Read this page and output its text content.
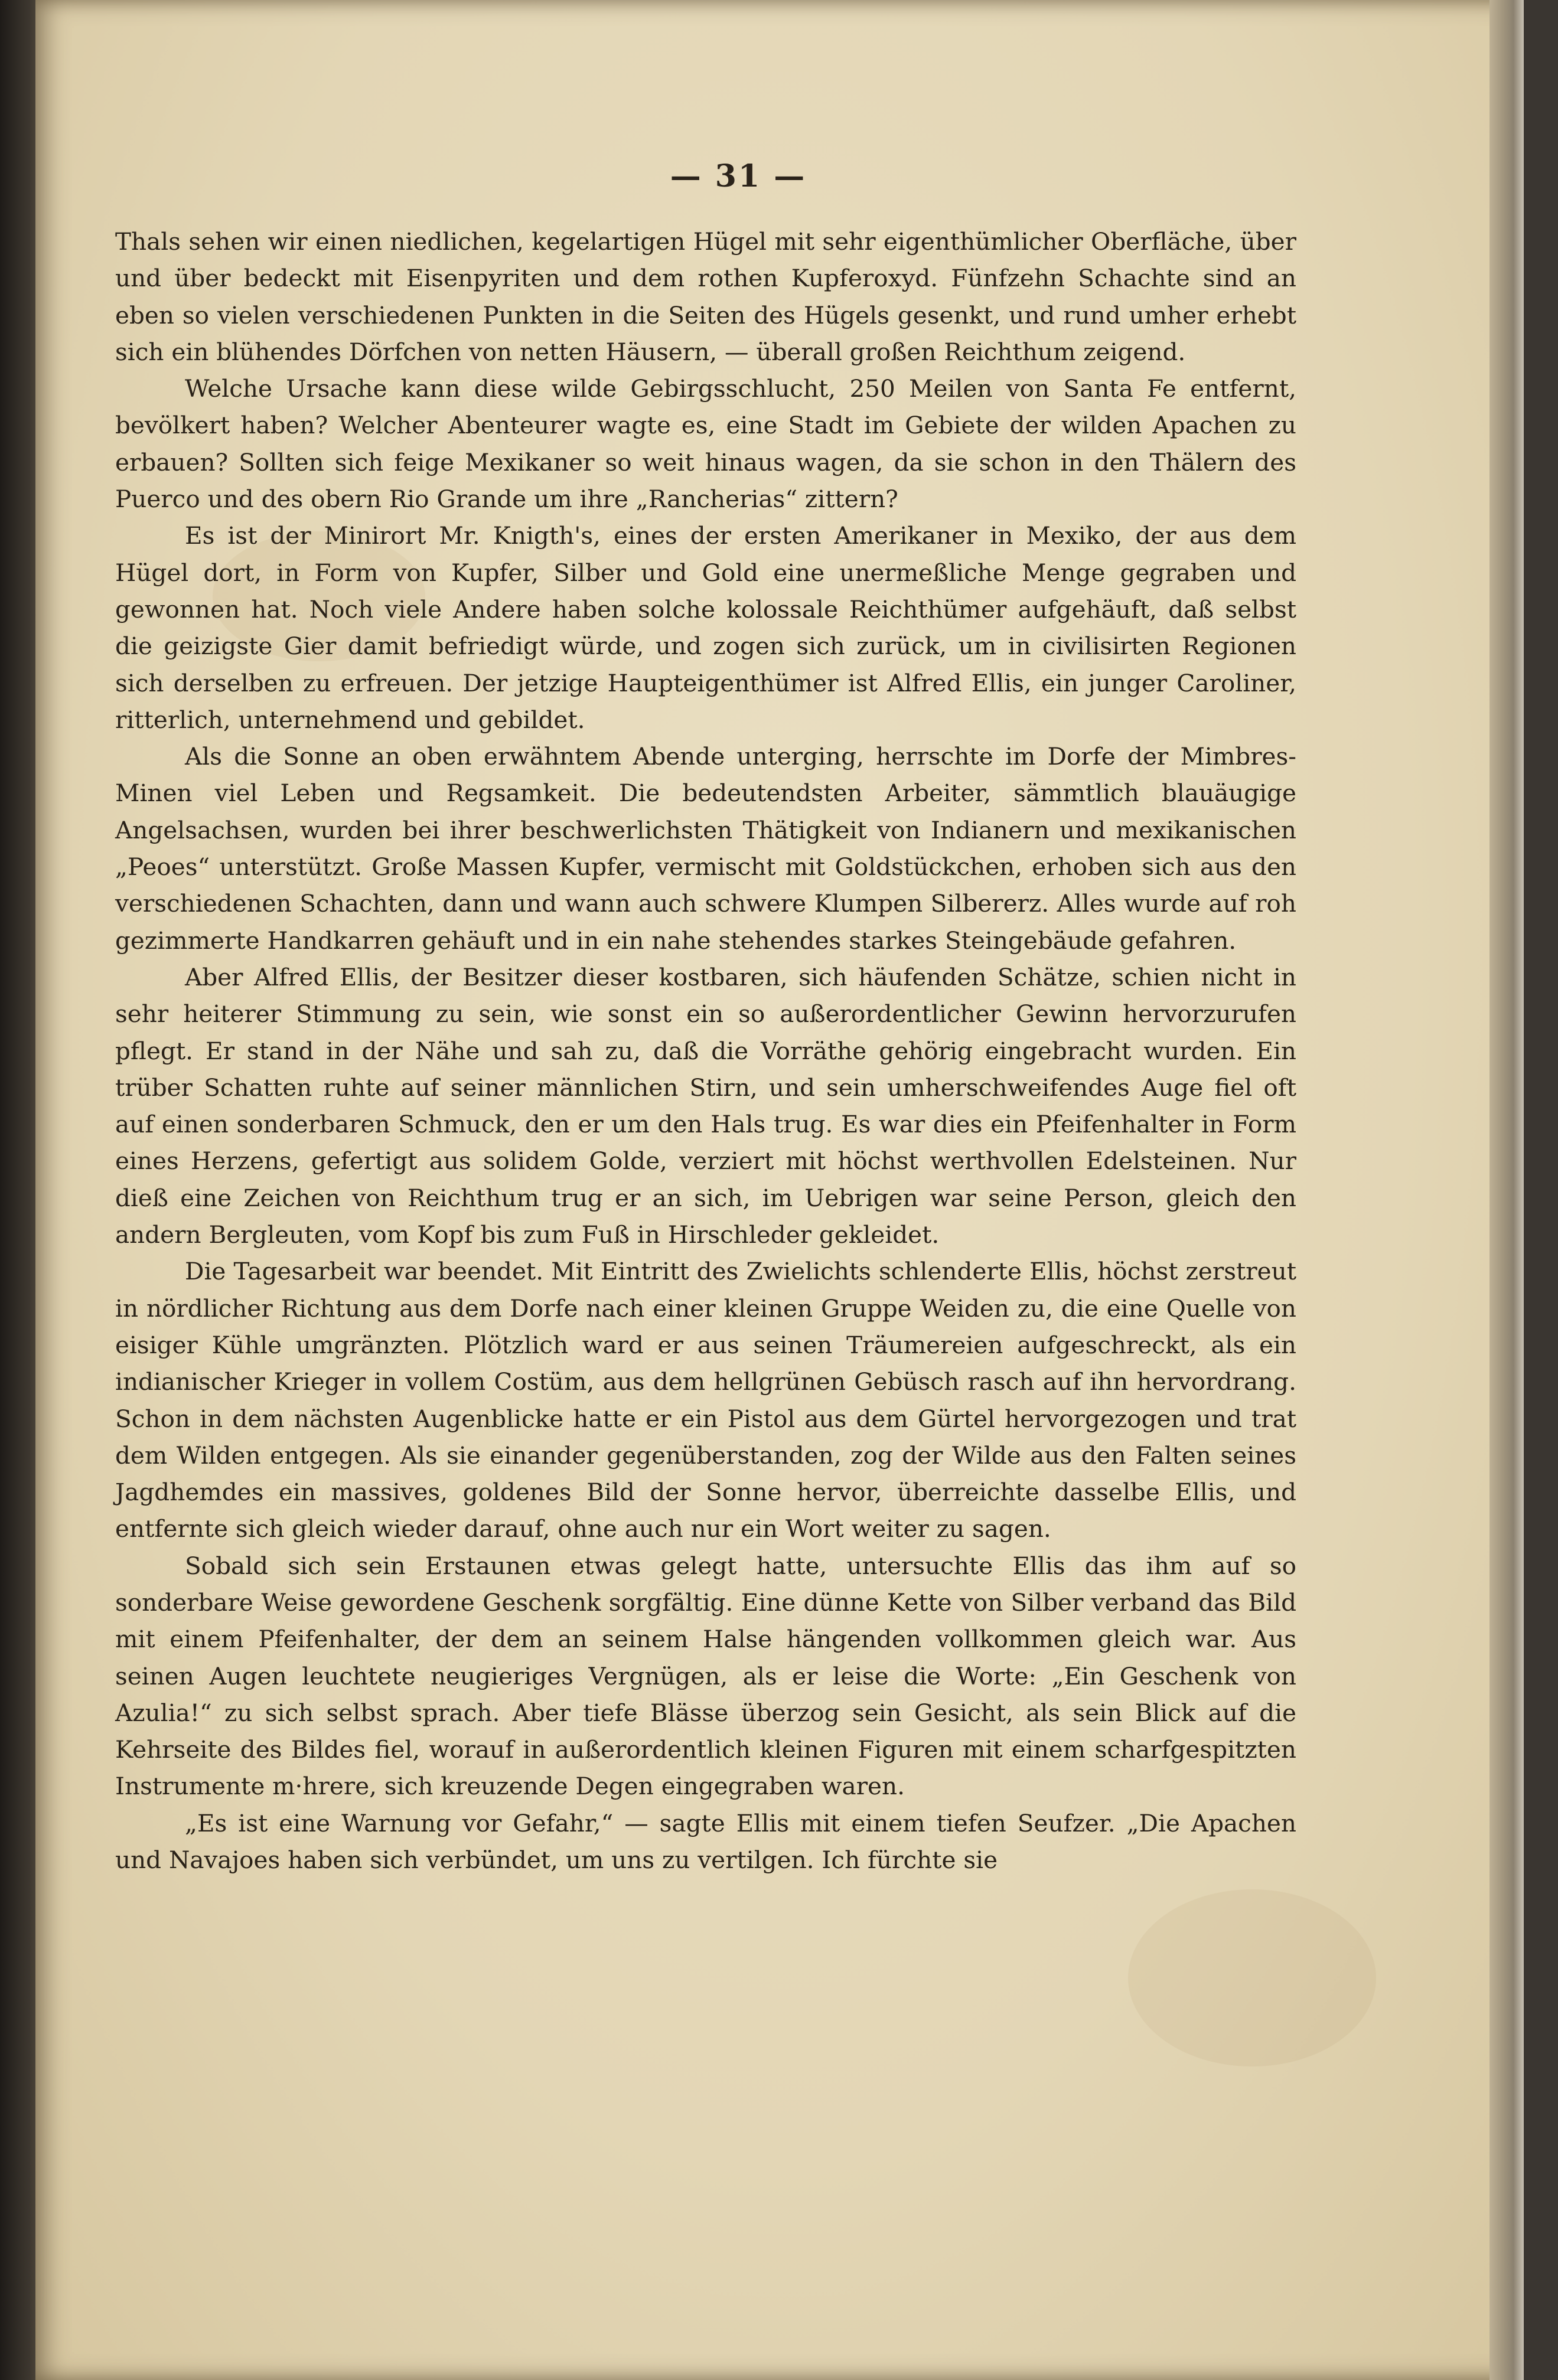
— 31 —

Thals sehen wir einen niedlichen, kegelartigen Hügel mit sehr eigenthümlicher Oberfläche, über und über bedeckt mit Eisenpyriten und dem rothen Kupferoxyd. Fünfzehn Schachte sind an eben so vielen verschiedenen Punkten in die Seiten des Hügels gesenkt, und rund umher erhebt sich ein blühendes Dörfchen von netten Häusern, — überall großen Reichthum zeigend.

Welche Ursache kann diese wilde Gebirgsschlucht, 250 Meilen von Santa Fe entfernt, bevölkert haben? Welcher Abenteurer wagte es, eine Stadt im Gebiete der wilden Apachen zu erbauen? Sollten sich feige Mexikaner so weit hinaus wagen, da sie schon in den Thälern des Puerco und des obern Rio Grande um ihre „Rancherias“ zittern?

Es ist der Minirort Mr. Knigth's, eines der ersten Amerikaner in Mexiko, der aus dem Hügel dort, in Form von Kupfer, Silber und Gold eine unermeßliche Menge gegraben und gewonnen hat. Noch viele Andere haben solche kolossale Reichthümer aufgehäuft, daß selbst die geizigste Gier damit befriedigt würde, und zogen sich zurück, um in civilisirten Regionen sich derselben zu erfreuen. Der jetzige Haupteigenthümer ist Alfred Ellis, ein junger Caroliner, ritterlich, unternehmend und gebildet.

Als die Sonne an oben erwähntem Abende unterging, herrschte im Dorfe der Mimbres-Minen viel Leben und Regsamkeit. Die bedeutendsten Arbeiter, sämmtlich blauäugige Angelsachsen, wurden bei ihrer beschwerlichsten Thätigkeit von Indianern und mexikanischen „Peoes“ unterstützt. Große Massen Kupfer, vermischt mit Goldstückchen, erhoben sich aus den verschiedenen Schachten, dann und wann auch schwere Klumpen Silbererz. Alles wurde auf roh gezimmerte Handkarren gehäuft und in ein nahe stehendes starkes Steingebäude gefahren.

Aber Alfred Ellis, der Besitzer dieser kostbaren, sich häufenden Schätze, schien nicht in sehr heiterer Stimmung zu sein, wie sonst ein so außerordentlicher Gewinn hervorzurufen pflegt. Er stand in der Nähe und sah zu, daß die Vorräthe gehörig eingebracht wurden. Ein trüber Schatten ruhte auf seiner männlichen Stirn, und sein umherschweifendes Auge fiel oft auf einen sonderbaren Schmuck, den er um den Hals trug. Es war dies ein Pfeifenhalter in Form eines Herzens, gefertigt aus solidem Golde, verziert mit höchst werthvollen Edelsteinen. Nur dieß eine Zeichen von Reichthum trug er an sich, im Uebrigen war seine Person, gleich den andern Bergleuten, vom Kopf bis zum Fuß in Hirschleder gekleidet.

Die Tagesarbeit war beendet. Mit Eintritt des Zwielichts schlenderte Ellis, höchst zerstreut in nördlicher Richtung aus dem Dorfe nach einer kleinen Gruppe Weiden zu, die eine Quelle von eisiger Kühle umgränzten. Plötzlich ward er aus seinen Träumereien aufgeschreckt, als ein indianischer Krieger in vollem Costüm, aus dem hellgrünen Gebüsch rasch auf ihn hervordrang. Schon in dem nächsten Augenblicke hatte er ein Pistol aus dem Gürtel hervorgezogen und trat dem Wilden entgegen. Als sie einander gegenüberstanden, zog der Wilde aus den Falten seines Jagdhemdes ein massives, goldenes Bild der Sonne hervor, überreichte dasselbe Ellis, und entfernte sich gleich wieder darauf, ohne auch nur ein Wort weiter zu sagen.

Sobald sich sein Erstaunen etwas gelegt hatte, untersuchte Ellis das ihm auf so sonderbare Weise gewordene Geschenk sorgfältig. Eine dünne Kette von Silber verband das Bild mit einem Pfeifenhalter, der dem an seinem Halse hängenden vollkommen gleich war. Aus seinen Augen leuchtete neugieriges Vergnügen, als er leise die Worte: „Ein Geschenk von Azulia!“ zu sich selbst sprach. Aber tiefe Blässe überzog sein Gesicht, als sein Blick auf die Kehrseite des Bildes fiel, worauf in außerordentlich kleinen Figuren mit einem scharfgespitzten Instrumente m·hrere, sich kreuzende Degen eingegraben waren.

„Es ist eine Warnung vor Gefahr,“ — sagte Ellis mit einem tiefen Seufzer. „Die Apachen und Navajoes haben sich verbündet, um uns zu vertilgen. Ich fürchte sie
